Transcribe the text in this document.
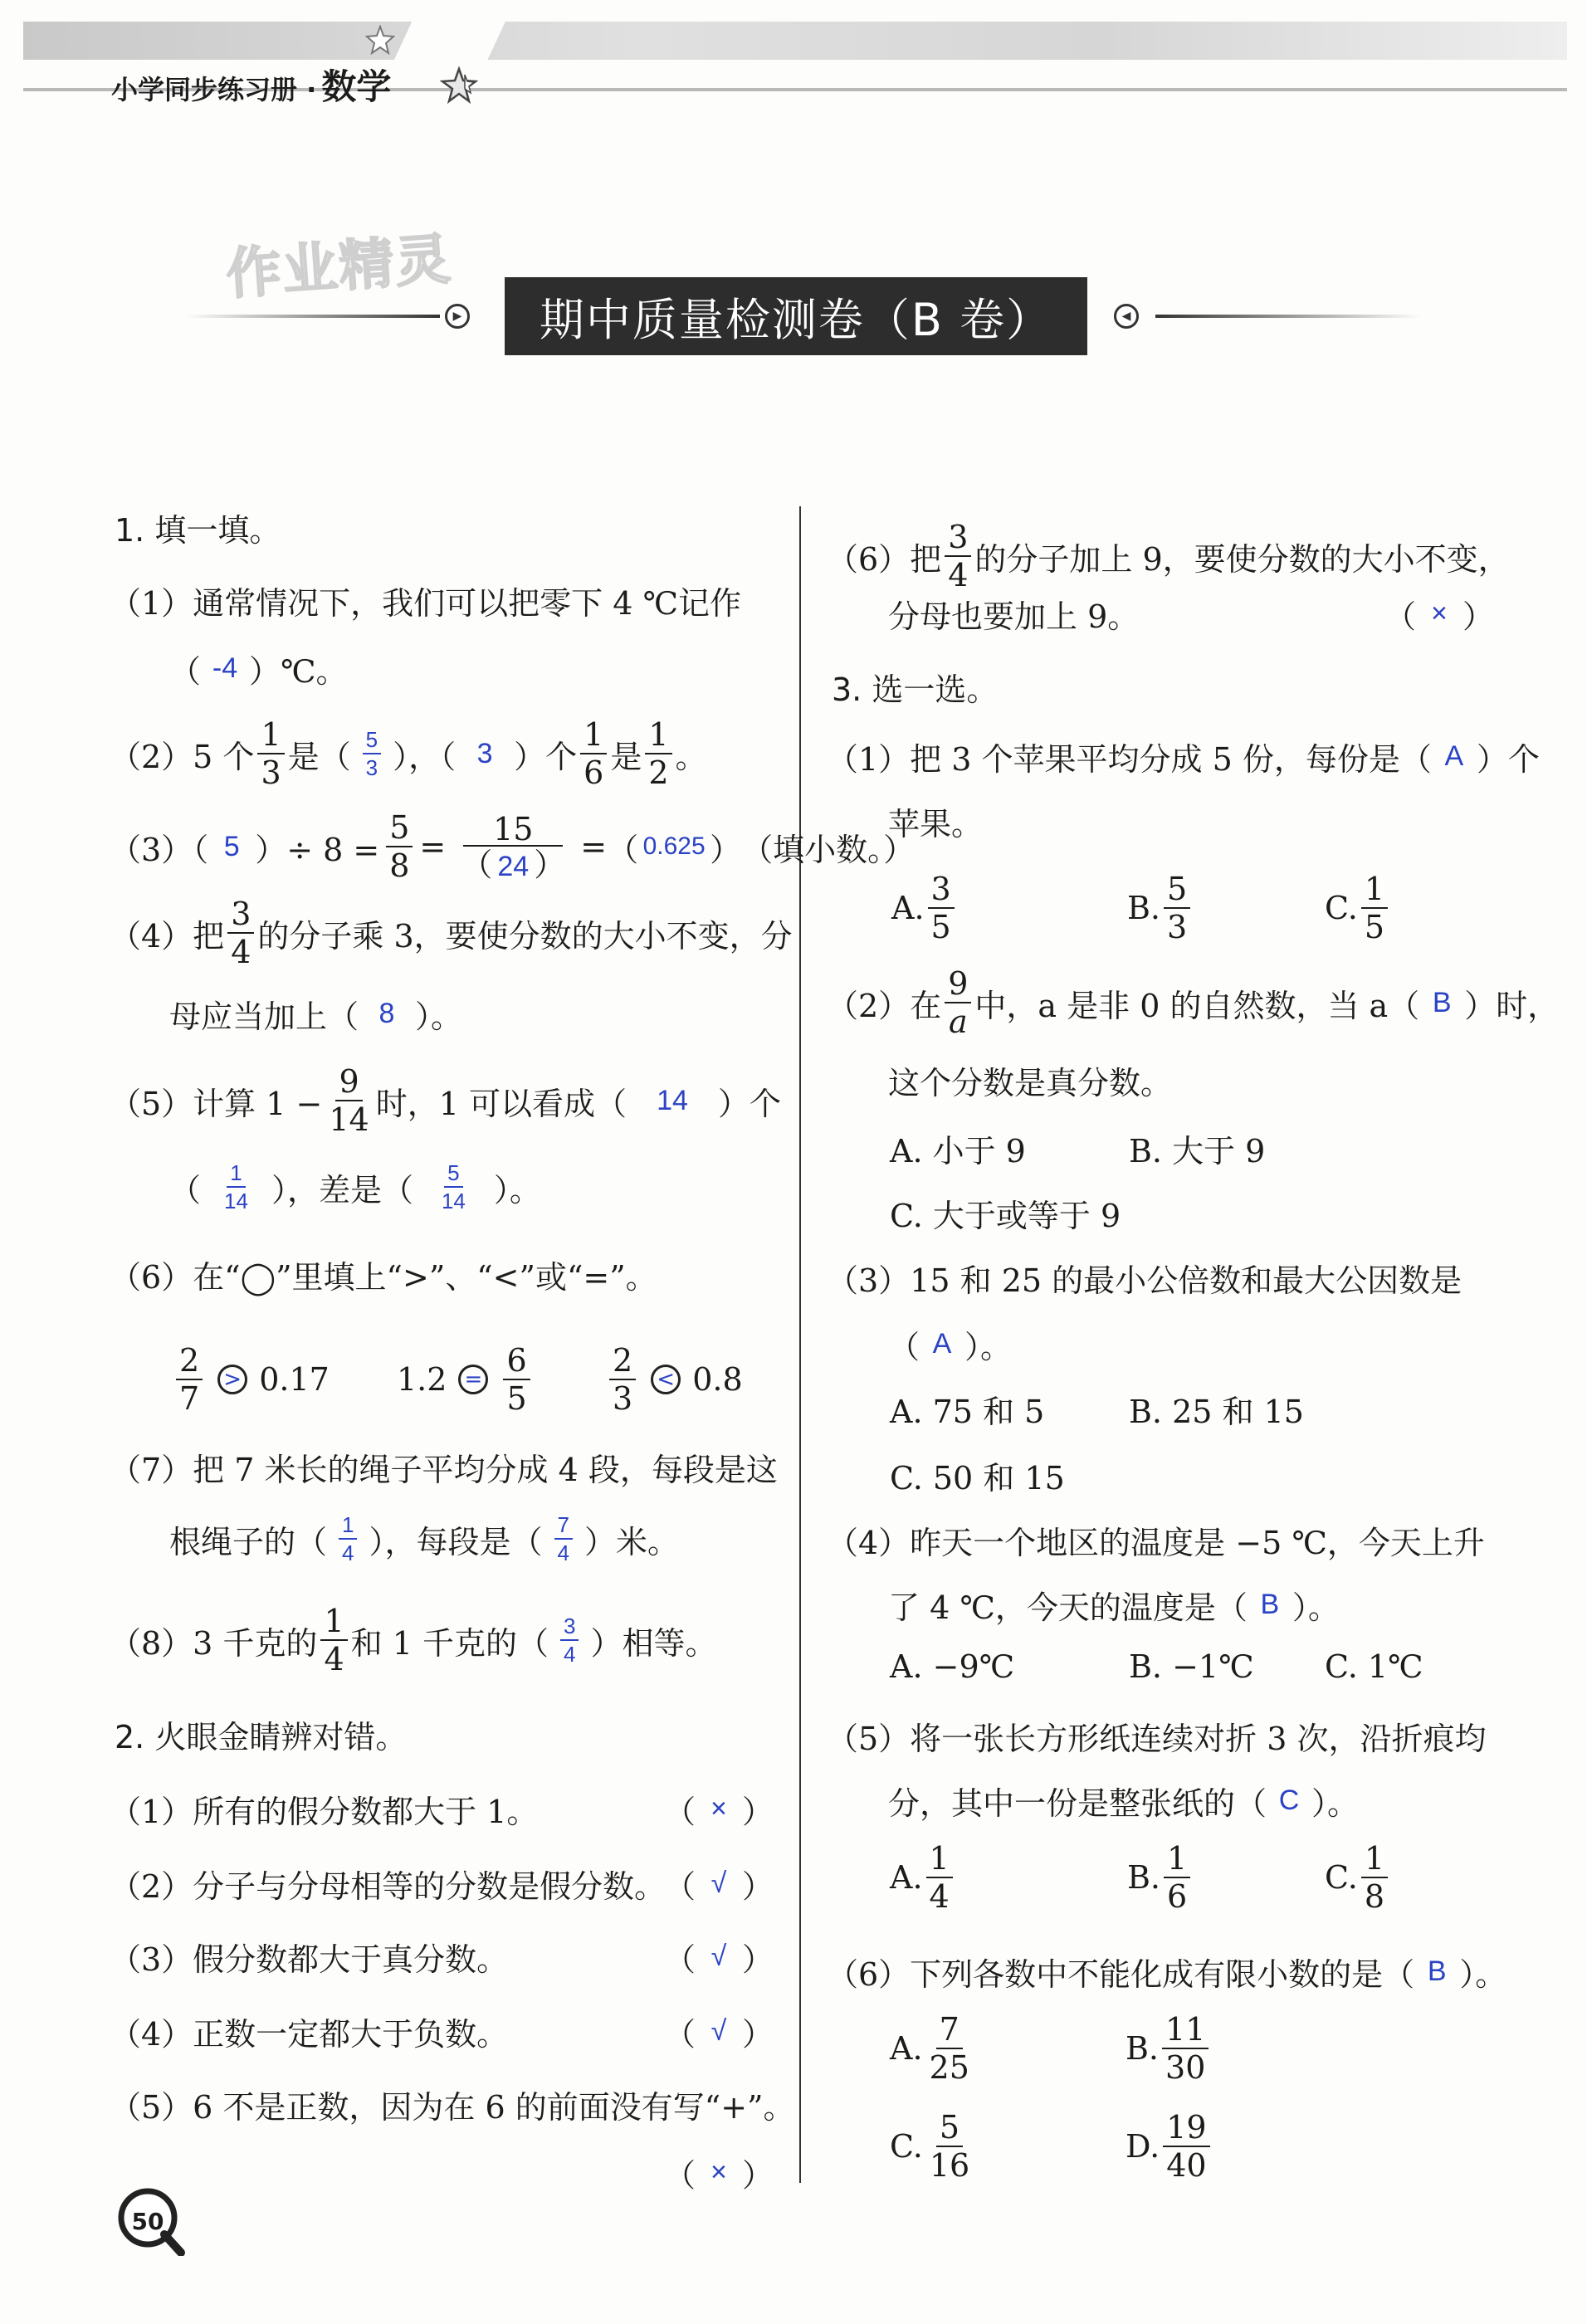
小学同步练习册 · 数学
作业精灵
▶	期中质量检测卷（B 卷）	◀
1. 填一填。
（1）通常情况下，我们可以把零下 4 ℃记作
（ -4 ） ℃。
（2）5 个 $\frac{1}{3}$ 是（ $\frac{5}{3}$ ），（ 3 ）个 $\frac{1}{6}$ 是 $\frac{1}{2}$ 。
（3）（ 5 ）÷ $8 = \frac{5}{8} = \frac{15}{( 24 )}$ = （ 0.625 ） （填小数。）
（4）把 $\frac{3}{4}$ 的分子乘 3，要使分数的大小不变，分
母应当加上（ 8 ）。
（5）计算 $1 - \frac{9}{14}$ 时，1 可以看成（	14 ）个
（ $\frac{1}{14}$ ），差是（ $\frac{5}{14}$ ）。
（6）在“◯”里填上“>”、“<”或“=”。
$\frac{2}{7} > 0.17$ $1.2 = \frac{6}{5}$	$\frac{2}{3} < 0.8$
（7）把 7 米长的绳子平均分成 4 段，每段是这
根绳子的（ $\frac{1}{4}$ ），每段是（ $\frac{7}{4}$ ）米。
（8）3 千克的 $\frac{1}{4}$ 和 1 千克的（ $\frac{3}{4}$ ）相等。
2. 火眼金睛辨对错。
（1）所有的假分数都大于 1。	（ × ）
（2）分子与分母相等的分数是假分数。
（ √ ）
（3）假分数都大于真分数。	（ √ ）
（4）正数一定都大于负数。	（ √ ）
（5）6 不是正数，因为在 6 的前面没有写“+”。
（ × ）
50
（6）把 $\frac{3}{4}$ 的分子加上 9，要使分数的大小不变，
分母也要加上 9。	（ × ）
3. 选一选。
（1）把 3 个苹果平均分成 5 份，每份是（ A ）个
苹果。
A. $\frac{3}{5}$	B. $\frac{5}{3}$	C. $\frac{1}{5}$
（2）在 $\frac{9}{a}$ 中，a 是非 0 的自然数，当 a（ B ）时，
这个分数是真分数。
A. 小于 9	B. 大于 9
C. 大于或等于 9
（3）15 和 25 的最小公倍数和最大公因数是
（ A ）。
A. 75 和 5	B. 25 和 15
C. 50 和 15
（4）昨天一个地区的温度是 −5 ℃，今天上升
了 4 ℃，今天的温度是（ B ）。
A. −9℃	B. −1℃ C. 1℃
（5）将一张长方形纸连续对折 3 次，沿折痕均
分，其中一份是整张纸的（ C ）。
A. $\frac{1}{4}$	B. $\frac{1}{6}$	C. $\frac{1}{8}$
（6）下列各数中不能化成有限小数的是（ B ）。
A. $\frac{7}{25}$	B. $\frac{11}{30}$
C. $\frac{5}{16}$	D. $\frac{19}{40}$
